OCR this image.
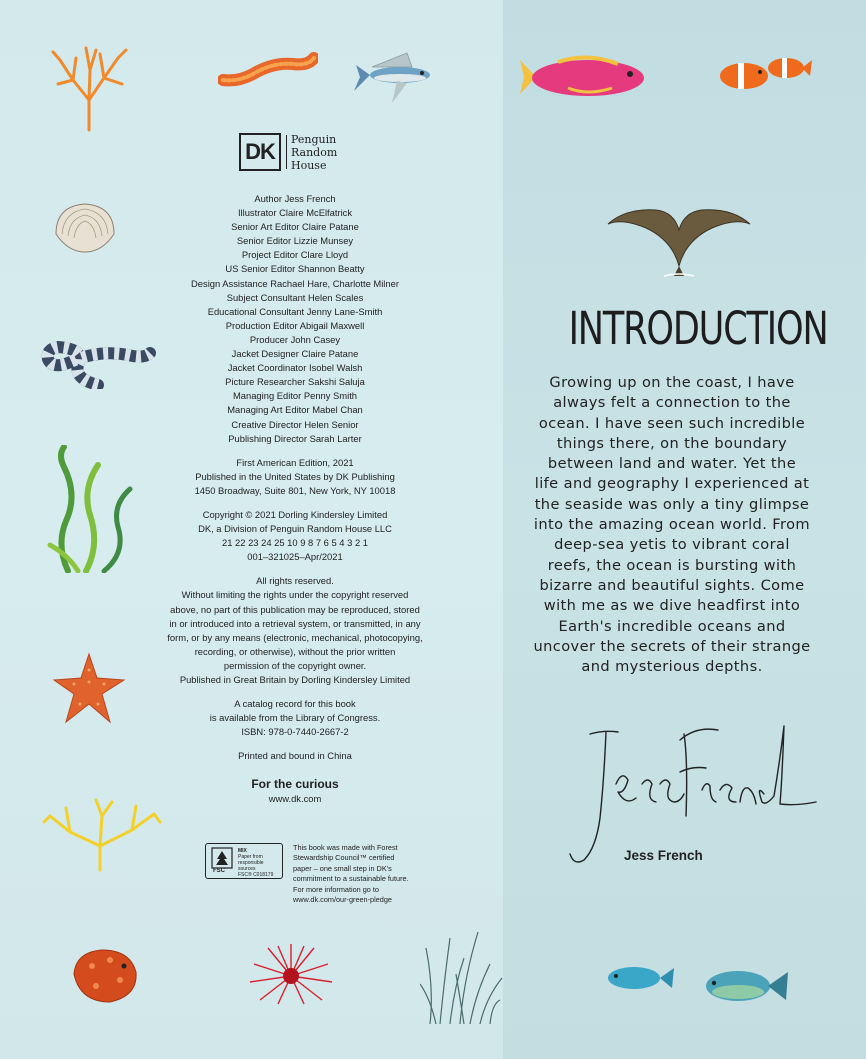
DK	Penguin
Random
House
Author Jess French
Illustrator Claire McElfatrick
Senior Art Editor Claire Patane
Senior Editor Lizzie Munsey
Project Editor Clare Lloyd
US Senior Editor Shannon Beatty
Design Assistance Rachael Hare, Charlotte Milner
Subject Consultant Helen Scales
Educational Consultant Jenny Lane-Smith
Production Editor Abigail Maxwell
Producer John Casey
Jacket Designer Claire Patane
Jacket Coordinator Isobel Walsh
Picture Researcher Sakshi Saluja
Managing Editor Penny Smith
Managing Art Editor Mabel Chan
Creative Director Helen Senior
Publishing Director Sarah Larter
First American Edition, 2021
Published in the United States by DK Publishing
1450 Broadway, Suite 801, New York, NY 10018
Copyright © 2021 Dorling Kindersley Limited
DK, a Division of Penguin Random House LLC
21 22 23 24 25 10 9 8 7 6 5 4 3 2 1
001–321025–Apr/2021
All rights reserved.
Without limiting the rights under the copyright reserved
above, no part of this publication may be reproduced, stored
in or introduced into a retrieval system, or transmitted, in any
form, or by any means (electronic, mechanical, photocopying,
recording, or otherwise), without the prior written
permission of the copyright owner.
Published in Great Britain by Dorling Kindersley Limited
A catalog record for this book
is available from the Library of Congress.
ISBN: 978-0-7440-2667-2
Printed and bound in China
For the curious
www.dk.com
FSC
MIX
Paper from
responsible sources
FSC® C018179
This book was made with Forest
Stewardship Council™ certified
paper – one small step in DK's
commitment to a sustainable future.
For more information go to
www.dk.com/our-green-pledge
INTRODUCTION
Growing up on the coast, I have
always felt a connection to the
ocean. I have seen such incredible
things there, on the boundary
between land and water. Yet the
life and geography I experienced at
the seaside was only a tiny glimpse
into the amazing ocean world. From
deep-sea yetis to vibrant coral
reefs, the ocean is bursting with
bizarre and beautiful sights. Come
with me as we dive headfirst into
Earth's incredible oceans and
uncover the secrets of their strange
and mysterious depths.
Jess French
